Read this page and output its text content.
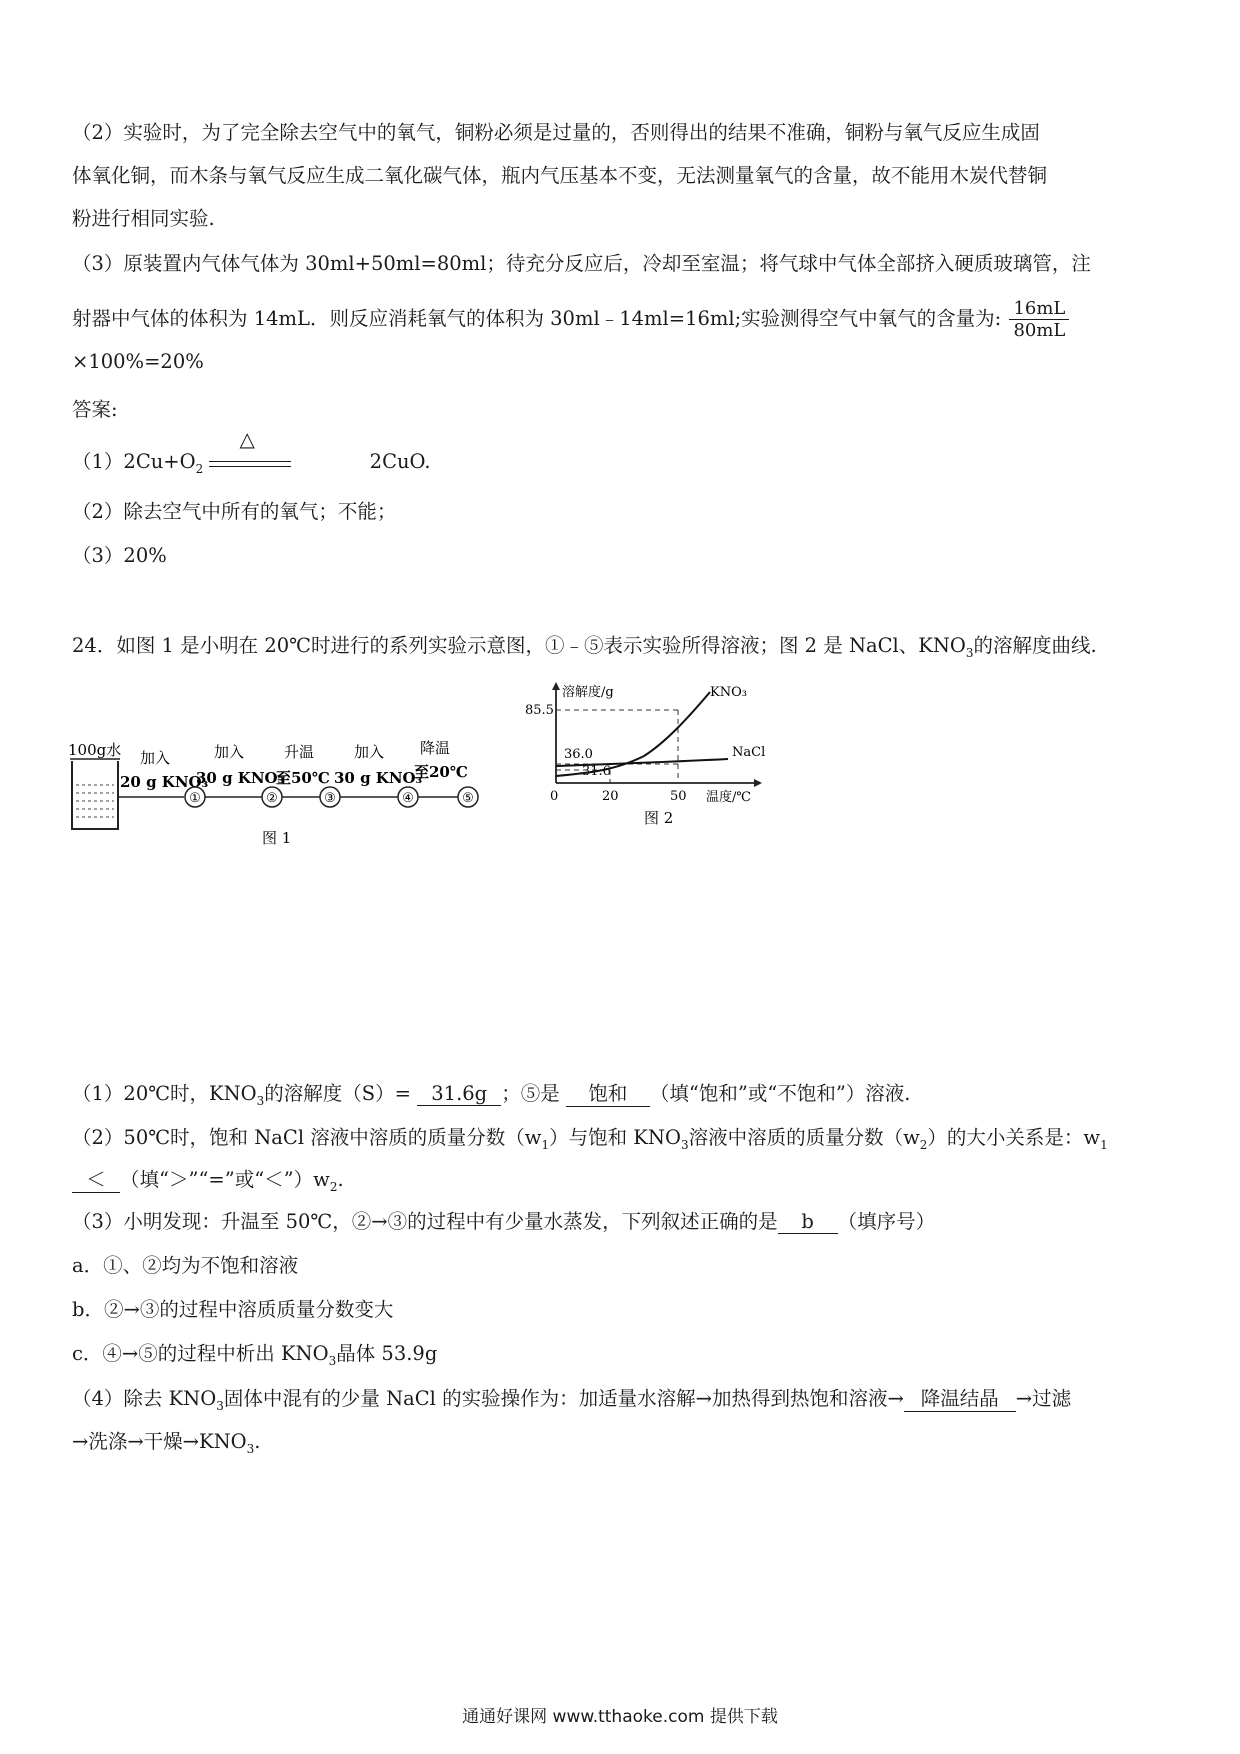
（2）实验时，为了完全除去空气中的氧气，铜粉必须是过量的，否则得出的结果不准确，铜粉与氧气反应生成固
体氧化铜，而木条与氧气反应生成二氧化碳气体，瓶内气压基本不变，无法测量氧气的含量，故不能用木炭代替铜
粉进行相同实验.
（3）原装置内气体气体为 30ml+50ml=80ml；待充分反应后，冷却至室温；将气球中气体全部挤入硬质玻璃管，注
射器中气体的体积为 14mL．则反应消耗氧气的体积为 30ml﹣14ml=16ml;实验测得空气中氧气的含量为: $\frac{16mL}{80mL}$
×100%=20%
答案:
$(1)2Cu+O_2$
△
2CuO.
（2）除去空气中所有的氧气；不能；
（3）20%
24．如图 1 是小明在 20℃时进行的系列实验示意图，①﹣⑤表示实验所得溶液；图 2 是 NaCl、$KNO_3$的溶解度曲线.
100g水 加入
20 g KNO₃
①
加入
30 g KNO₃
②
升温
至50℃
③
加入
30 g KNO₃
④
降温
至20℃
⑤
图 1
溶解度/g
温度/℃
85.5
36.0
31.6
KNO₃
NaCl
0	20	50
图 2
（1）20℃时，$KNO_3$的溶解度（S）= 31.6g ；⑤是 饱和 （填“饱和”或“不饱和”）溶液.
（2）50℃时，饱和 NaCl 溶液中溶质的质量分数$(w_1)$与饱和 $KNO_3$溶液中溶质的质量分数$(w_2)$的大小关系是：$w_1$
＜ （填“＞”“=”或“$<”)w_2$.
（3）小明发现：升温至 50℃，②→③的过程中有少量水蒸发，下列叙述正确的是 b （填序号）
a．①、②均为不饱和溶液
b．②→③的过程中溶质质量分数变大
c．④→⑤的过程中析出 $KNO_3$晶体 53.9g
（4）除去 $KNO_3$固体中混有的少量 NaCl 的实验操作为：加适量水溶解→加热得到热饱和溶液→ 降温结晶 →过滤
→洗涤→干燥$\to KNO_3$.
通通好课网 www.tthaoke.com 提供下载
